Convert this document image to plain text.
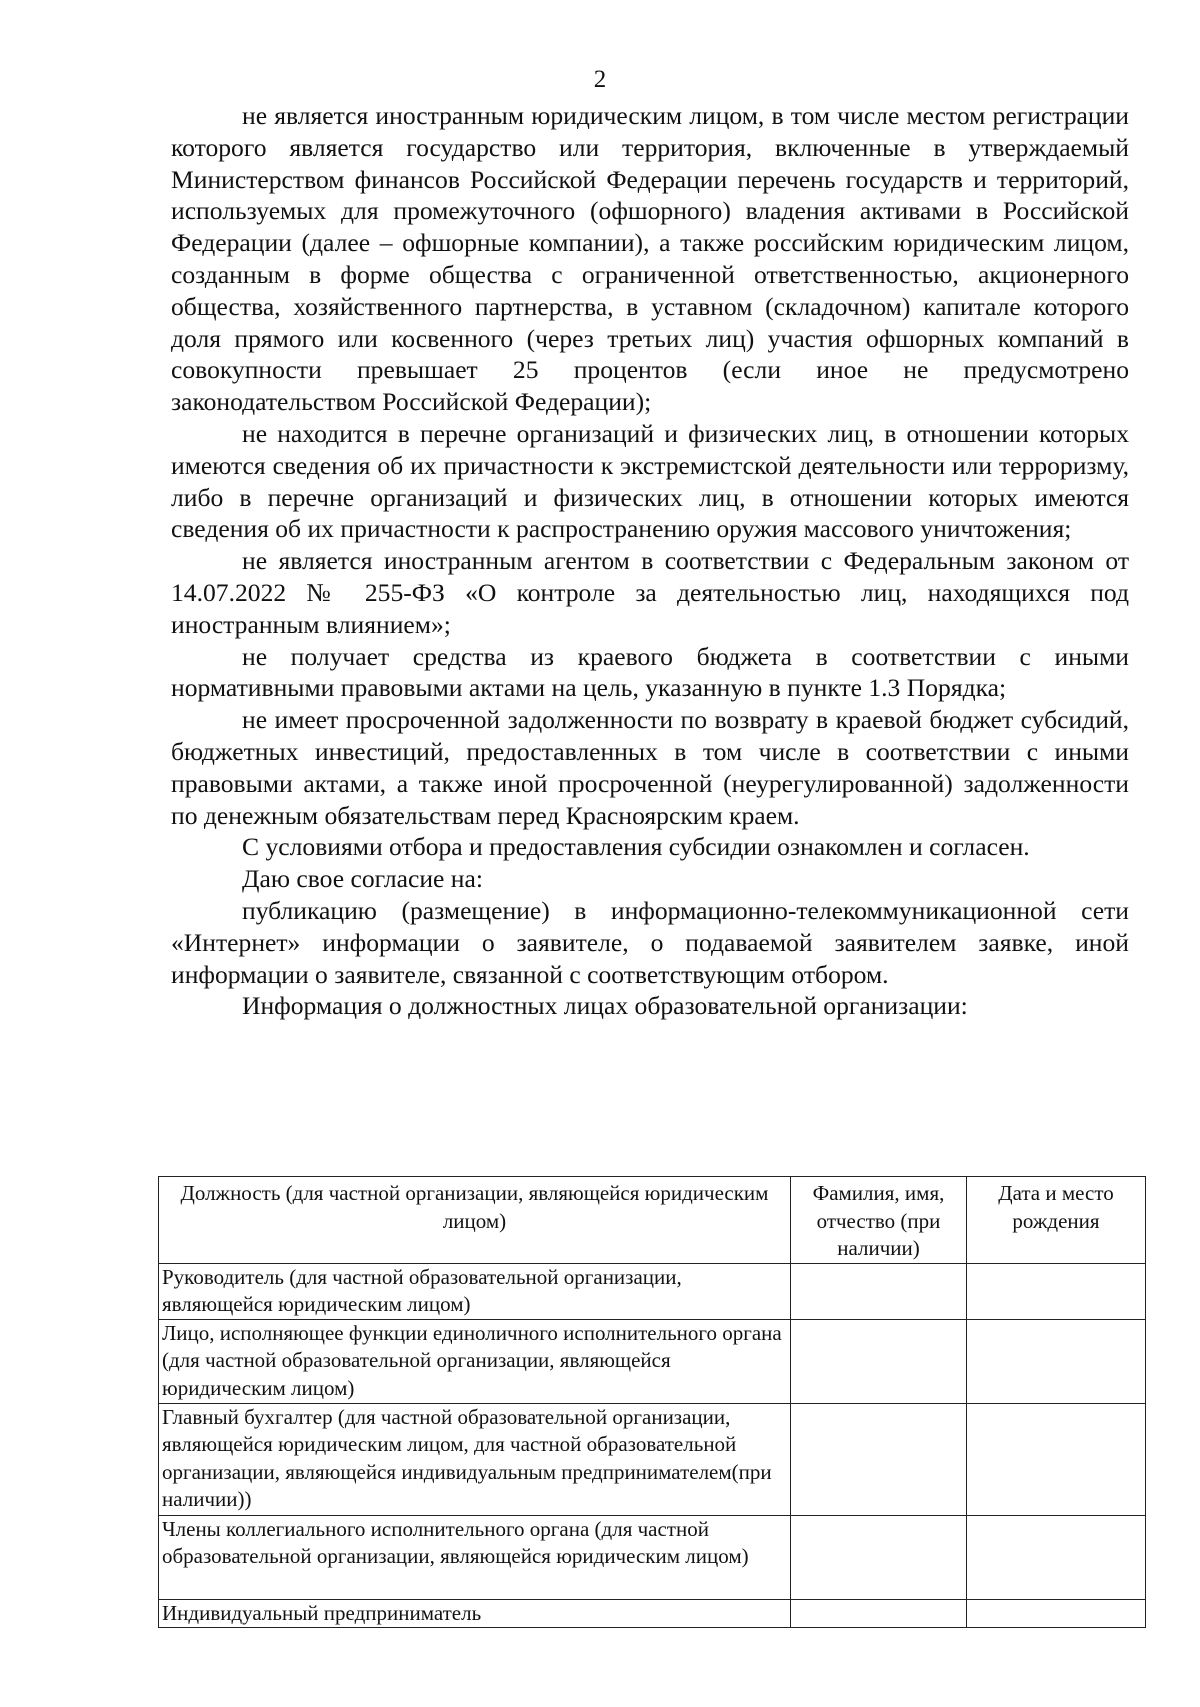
2

не является иностранным юридическим лицом, в том числе местом регистрации которого является государство или территория, включенные в утверждаемый Министерством финансов Российской Федерации перечень государств и территорий, используемых для промежуточного (офшорного) владения активами в Российской Федерации (далее – офшорные компании), а также российским юридическим лицом, созданным в форме общества с ограниченной ответственностью, акционерного общества, хозяйственного партнерства, в уставном (складочном) капитале которого доля прямого или косвенного (через третьих лиц) участия офшорных компаний в совокупности превышает 25 процентов (если иное не предусмотрено законодательством Российской Федерации);

не находится в перечне организаций и физических лиц, в отношении которых имеются сведения об их причастности к экстремистской деятельности или терроризму, либо в перечне организаций и физических лиц, в отношении которых имеются сведения об их причастности к распространению оружия массового уничтожения;

не является иностранным агентом в соответствии с Федеральным законом от 14.07.2022 № 255-ФЗ «О контроле за деятельностью лиц, находящихся под иностранным влиянием»;

не получает средства из краевого бюджета в соответствии с иными нормативными правовыми актами на цель, указанную в пункте 1.3 Порядка;

не имеет просроченной задолженности по возврату в краевой бюджет субсидий, бюджетных инвестиций, предоставленных в том числе в соответствии с иными правовыми актами, а также иной просроченной (неурегулированной) задолженности по денежным обязательствам перед Красноярским краем.

С условиями отбора и предоставления субсидии ознакомлен и согласен.

Даю свое согласие на:

публикацию (размещение) в информационно-телекоммуникационной сети «Интернет» информации о заявителе, о подаваемой заявителем заявке, иной информации о заявителе, связанной с соответствующим отбором.

Информация о должностных лицах образовательной организации:

Должность (для частной организации, являющейся юридическим лицом)	Фамилия, имя, отчество (при наличии)	Дата и место рождения
Руководитель (для частной образовательной организации, являющейся юридическим лицом)		
Лицо, исполняющее функции единоличного исполнительного органа (для частной образовательной организации, являющейся юридическим лицом)		
Главный бухгалтер (для частной образовательной организации, являющейся юридическим лицом, для частной образовательной организации, являющейся индивидуальным предпринимателем(при наличии))		
Члены коллегиального исполнительного органа (для частной образовательной организации, являющейся юридическим лицом)		
Индивидуальный предприниматель		
